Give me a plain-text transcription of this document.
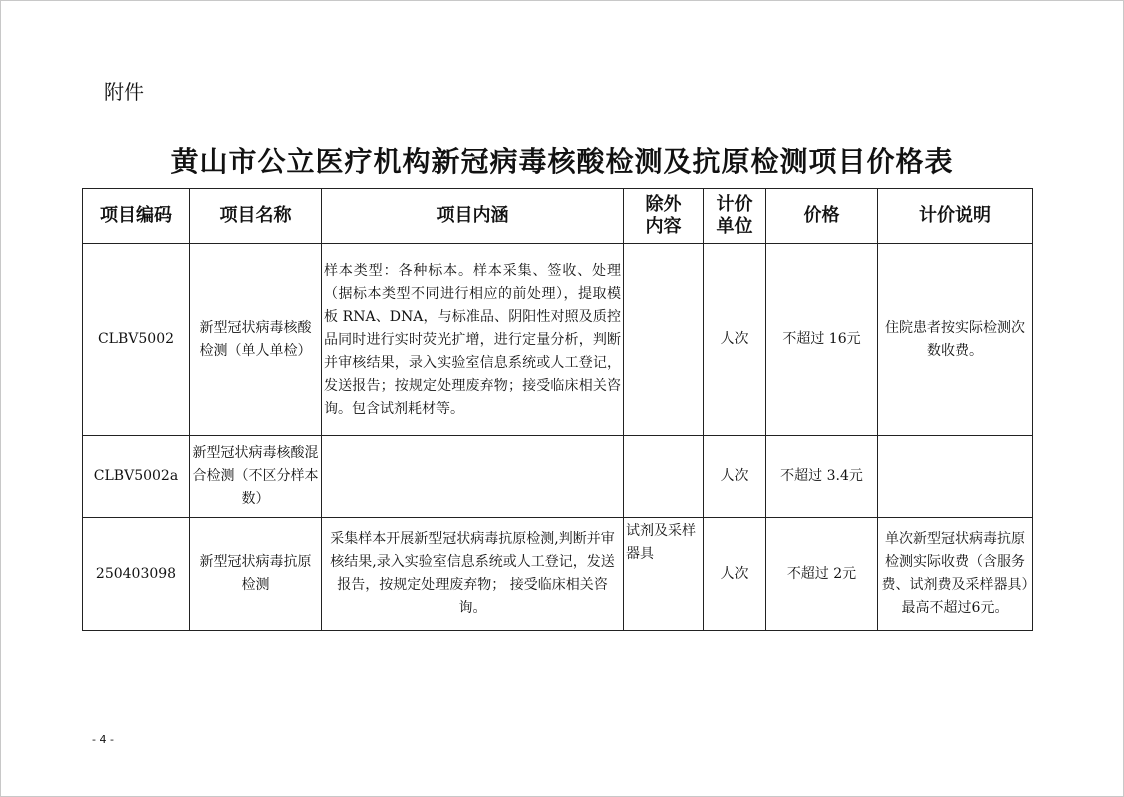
附件
黄山市公立医疗机构新冠病毒核酸检测及抗原检测项目价格表
项目编码	项目名称	项目内涵	除外内容	计价单位	价格	计价说明
CLBV5002	新型冠状病毒核酸检测（单人单检）	样本类型：各种标本。样本采集、签收、处理（据标本类型不同进行相应的前处理），提取模板 RNA、DNA，与标准品、阴阳性对照及质控品同时进行实时荧光扩增，进行定量分析，判断并审核结果，录入实验室信息系统或人工登记，发送报告；按规定处理废弃物；接受临床相关咨询。包含试剂耗材等。		人次	不超过 16元	住院患者按实际检测次数收费。
CLBV5002a	新型冠状病毒核酸混合检测（不区分样本数）			人次	不超过 3.4元	
250403098	新型冠状病毒抗原检测	采集样本开展新型冠状病毒抗原检测,判断并审核结果,录入实验室信息系统或人工登记，发送报告，按规定处理废弃物； 接受临床相关咨询。	试剂及采样器具	人次	不超过 2元	单次新型冠状病毒抗原检测实际收费（含服务费、试剂费及采样器具）最高不超过6元。
- 4 -
